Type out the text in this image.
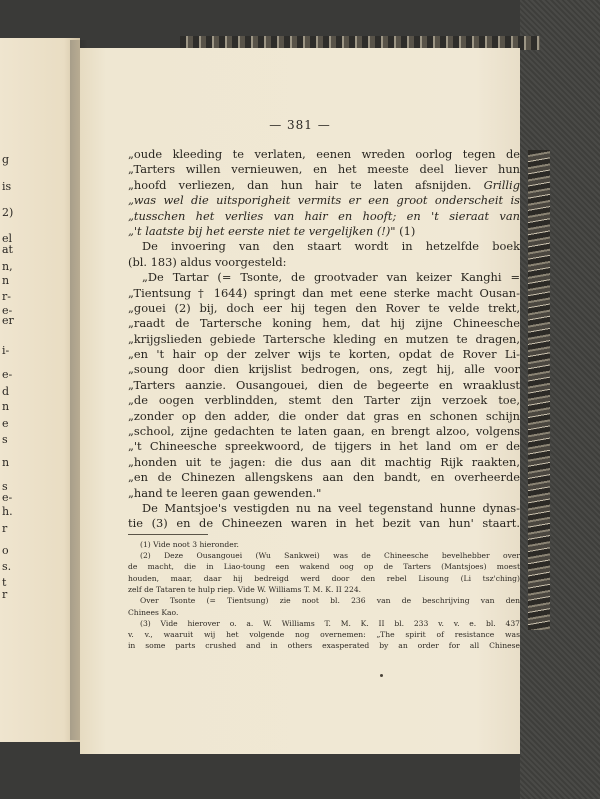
g
is
2)
el
at
n,
n
r-
e-
er
i-
e-
d
n
e
s
n
s
e-
h.
r
o
s.
t
r
— 381 —
„oude kleeding te verlaten, eenen wreden oorlog tegen de
„Tarters willen vernieuwen, en het meeste deel liever hun
„hoofd verliezen, dan hun hair te laten afsnijden. Grillig
„was wel die uitsporigheit vermits er een groot onderscheit is
„tusschen het verlies van hair en hooft; en 't sieraat van
„'t laatste bij het eerste niet te vergelijken (!)" (1)
De invoering van den staart wordt in hetzelfde boek
(bl. 183) aldus voorgesteld:
„De Tartar (= Tsonte, de grootvader van keizer Kanghi =
„Tientsung † 1644) springt dan met eene sterke macht Ousan-
„gouei (2) bij, doch eer hij tegen den Rover te velde trekt,
„raadt de Tartersche koning hem, dat hij zijne Chineesche
„krijgslieden gebiede Tartersche kleding en mutzen te dragen,
„en 't hair op der zelver wijs te korten, opdat de Rover Li-
„soung door dien krijslist bedrogen, ons, zegt hij, alle voor
„Tarters aanzie. Ousangouei, dien de begeerte en wraaklust
„de oogen verblindden, stemt den Tarter zijn verzoek toe,
„zonder op den adder, die onder dat gras en schonen schijn
„school, zijne gedachten te laten gaan, en brengt alzoo, volgens
„'t Chineesche spreekwoord, de tijgers in het land om er de
„honden uit te jagen: die dus aan dit machtig Rijk raakten,
„en de Chinezen allengskens aan den bandt, en overheerde
„hand te leeren gaan gewenden."
De Mantsjoe's vestigden nu na veel tegenstand hunne dynas-
tie (3) en de Chineezen waren in het bezit van hun' staart.
(1) Vide noot 3 hieronder.
(2) Deze Ousangouei (Wu Sankwei) was de Chineesche bevelhebber over
de macht, die in Liao-toung een wakend oog op de Tarters (Mantsjoes) moest
houden, maar, daar hij bedreigd werd door den rebel Lisoung (Li tsz'ching)
zelf de Tataren te hulp riep. Vide W. Williams T. M. K. II 224.
Over Tsonte (= Tientsung) zie noot bl. 236 van de beschrijving van den
Chinees Kao.
(3) Vide hierover o. a. W. Williams T. M. K. II bl. 233 v. v. e. bl. 437
v. v., waaruit wij het volgende nog overnemen: „The spirit of resistance was
in some parts crushed and in others exasperated by an order for all Chinese
